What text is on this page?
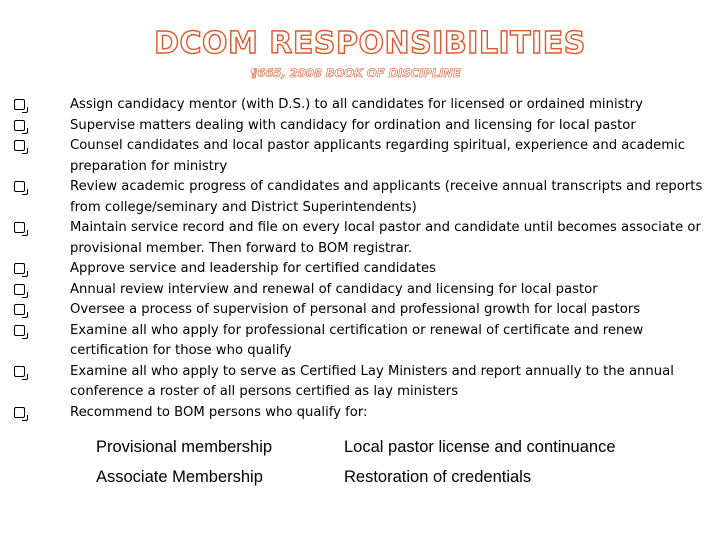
DCOM RESPONSIBILITIES
¶665, 2008 BOOK OF DISCIPLINE
Assign candidacy mentor (with D.S.) to all candidates for licensed or ordained ministry
Supervise matters dealing with candidacy for ordination and licensing for local pastor
Counsel candidates and local pastor applicants regarding spiritual, experience and academic preparation for ministry
Review academic progress of candidates and applicants (receive annual transcripts and reports from college/seminary and District Superintendents)
Maintain service record and file on every local pastor and candidate until becomes associate or provisional member. Then forward to BOM registrar.
Approve service and leadership for certified candidates
Annual review interview and renewal of candidacy and licensing for local pastor
Oversee a process of supervision of personal and professional growth for local pastors
Examine all who apply for professional certification or renewal of certificate and renew certification for those who qualify
Examine all who apply to serve as Certified Lay Ministers and report annually to the annual conference a roster of all persons certified as lay ministers
Recommend to BOM persons who qualify for:
Provisional membership	Local pastor license and continuance
Associate Membership	Restoration of credentials
